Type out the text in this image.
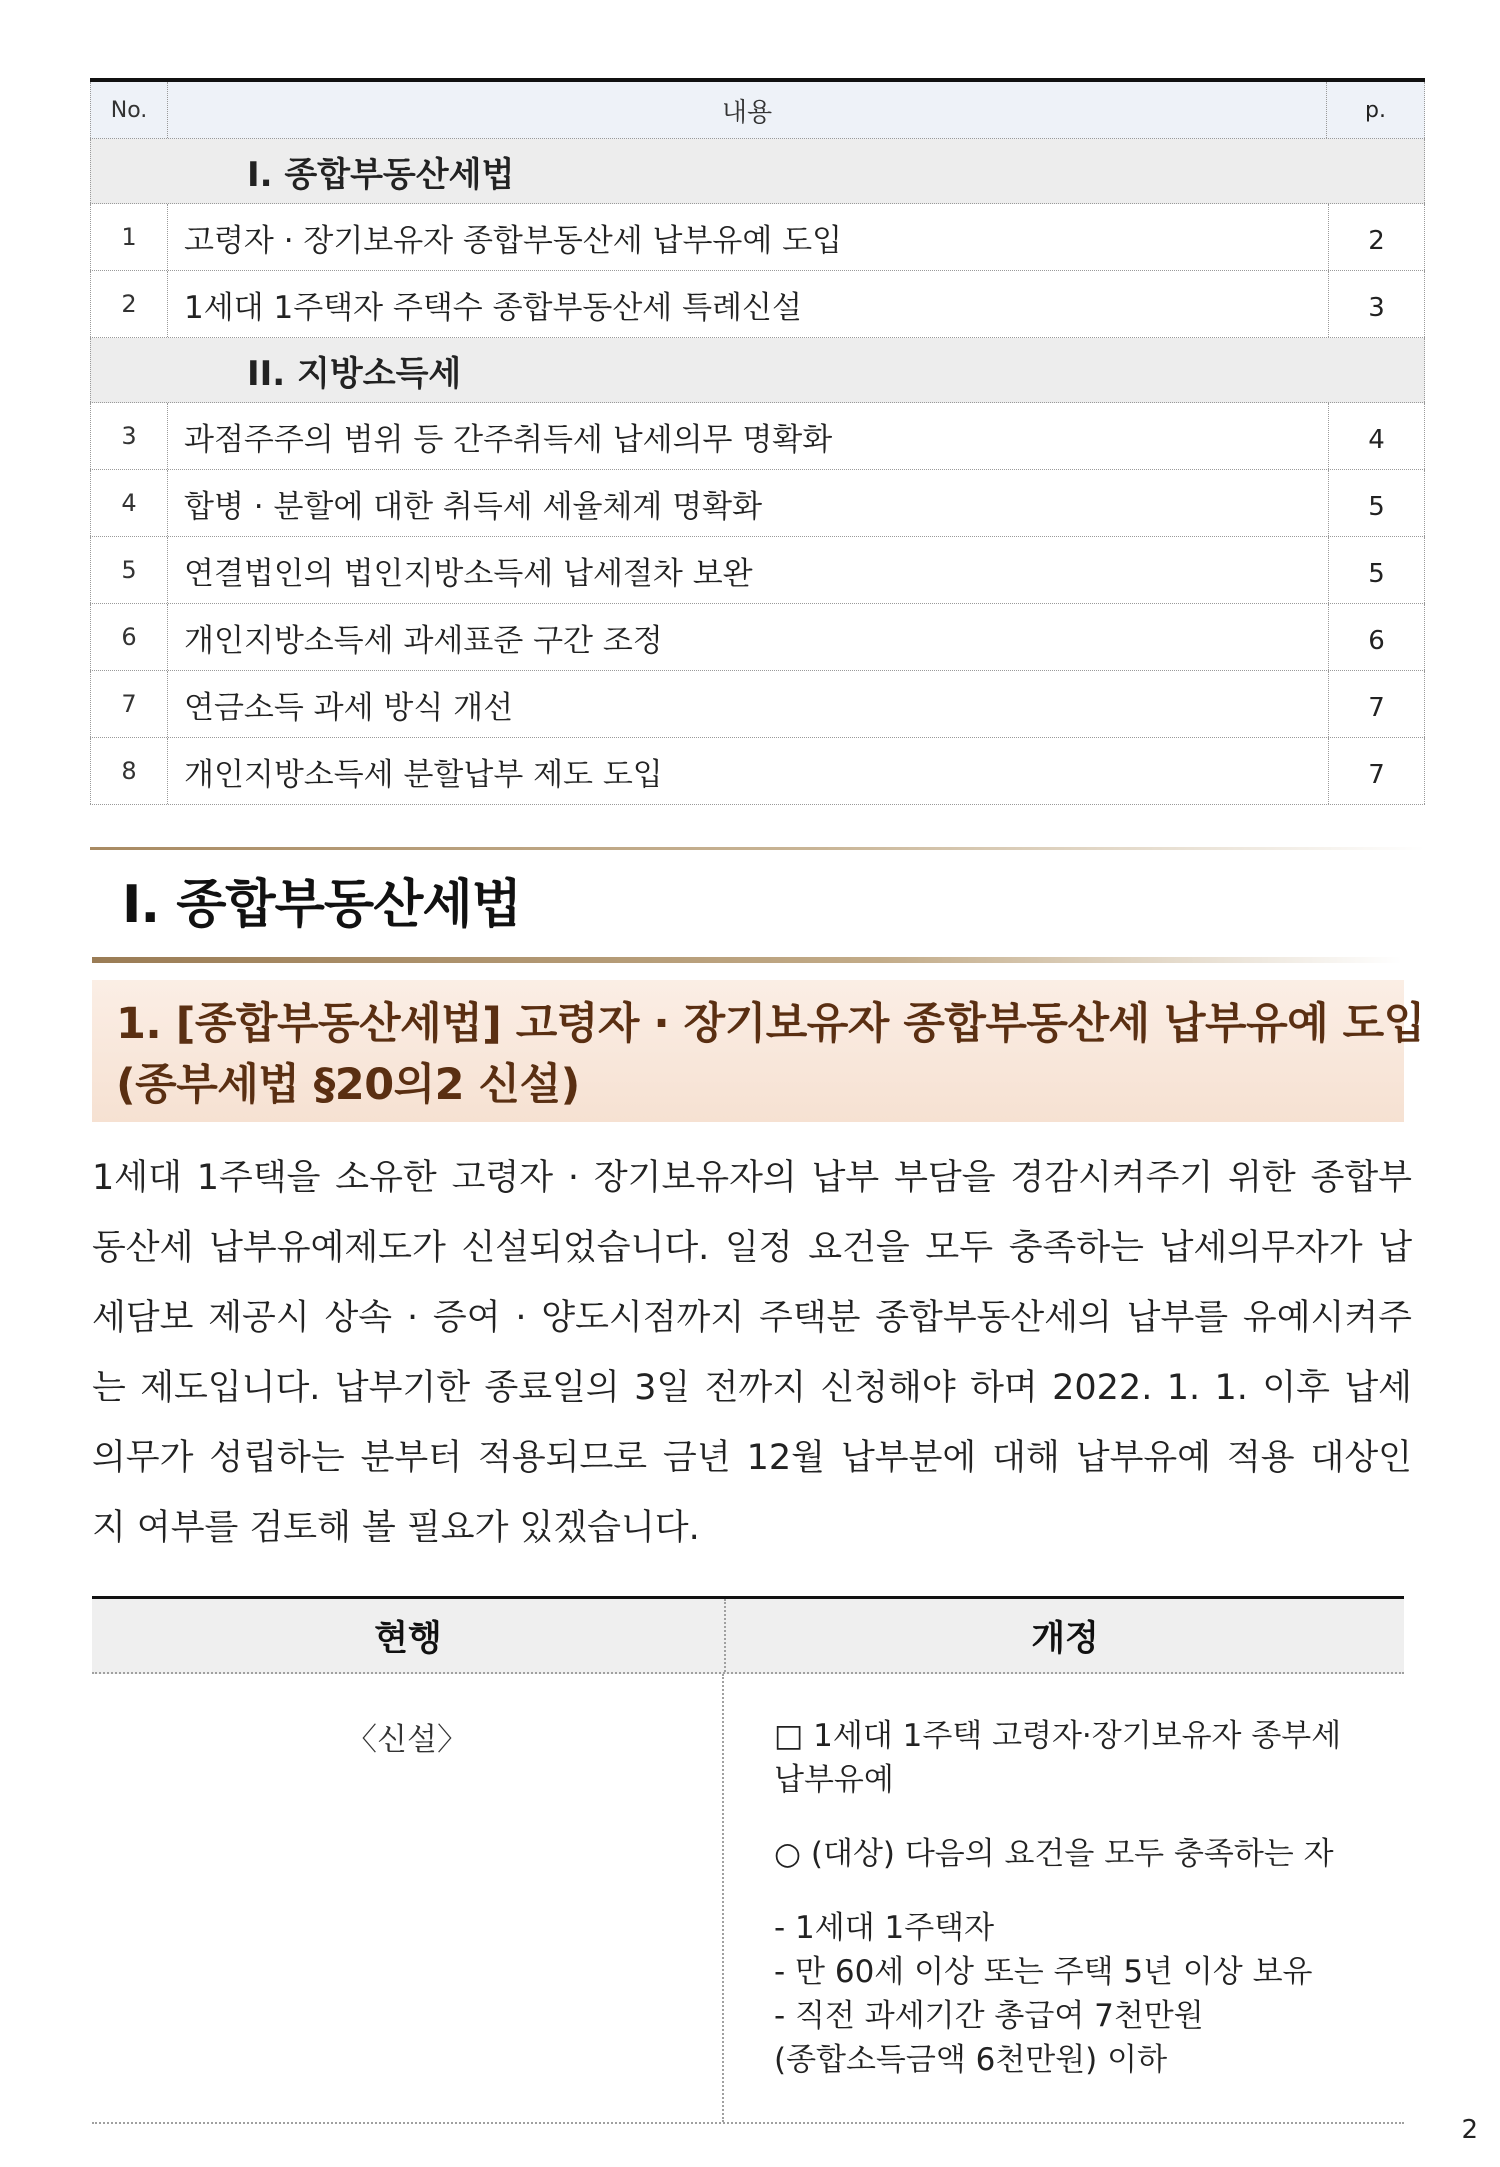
No.	내용	p.
I. 종합부동산세법
1	고령자 · 장기보유자 종합부동산세 납부유예 도입	2
2	1세대 1주택자 주택수 종합부동산세 특례신설	3
II. 지방소득세
3	과점주주의 범위 등 간주취득세 납세의무 명확화	4
4	합병 · 분할에 대한 취득세 세율체계 명확화	5
5	연결법인의 법인지방소득세 납세절차 보완	5
6	개인지방소득세 과세표준 구간 조정	6
7	연금소득 과세 방식 개선	7
8	개인지방소득세 분할납부 제도 도입	7
I. 종합부동산세법
1. [종합부동산세법] 고령자 · 장기보유자 종합부동산세 납부유예 도입
(종부세법 §20의2 신설)
1세대 1주택을 소유한 고령자 · 장기보유자의 납부 부담을 경감시켜주기 위한 종합부
동산세 납부유예제도가 신설되었습니다. 일정 요건을 모두 충족하는 납세의무자가 납
세담보 제공시 상속 · 증여 · 양도시점까지 주택분 종합부동산세의 납부를 유예시켜주
는 제도입니다. 납부기한 종료일의 3일 전까지 신청해야 하며 2022. 1. 1. 이후 납세
의무가 성립하는 분부터 적용되므로 금년 12월 납부분에 대해 납부유예 적용 대상인
지 여부를 검토해 볼 필요가 있겠습니다.
현행	개정
〈신설〉	□ 1세대 1주택 고령자·장기보유자 종부세
납부유예
○ (대상) 다음의 요건을 모두 충족하는 자
- 1세대 1주택자
- 만 60세 이상 또는 주택 5년 이상 보유
- 직전 과세기간 총급여 7천만원
(종합소득금액 6천만원) 이하
2
